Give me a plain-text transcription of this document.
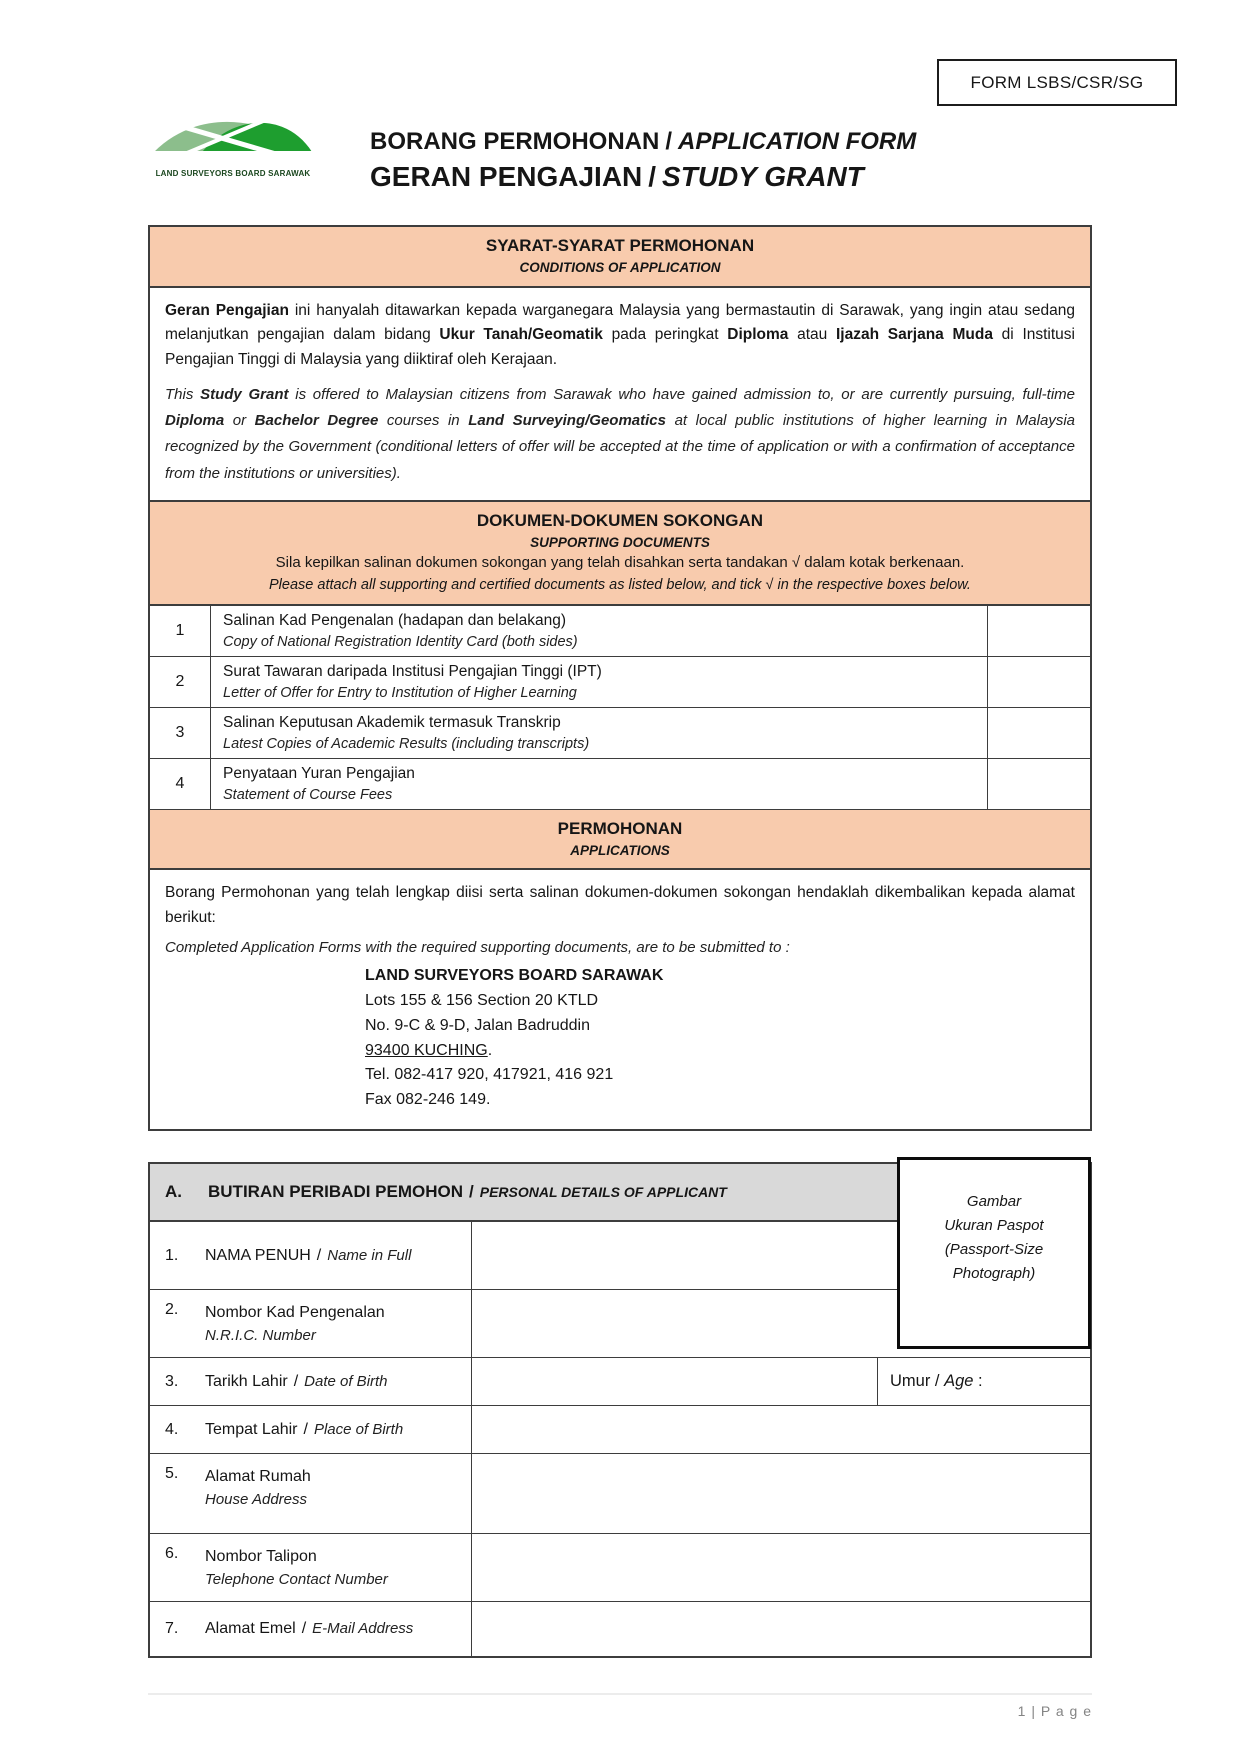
FORM LSBS/CSR/SG
LAND SURVEYORS BOARD SARAWAK
BORANG PERMOHONAN / APPLICATION FORM
GERAN PENGAJIAN / STUDY GRANT
SYARAT-SYARAT PERMOHONAN
CONDITIONS OF APPLICATION
Geran Pengajian ini hanyalah ditawarkan kepada warganegara Malaysia yang bermastautin di Sarawak, yang ingin atau sedang melanjutkan pengajian dalam bidang Ukur Tanah/Geomatik pada peringkat Diploma atau Ijazah Sarjana Muda di Institusi Pengajian Tinggi di Malaysia yang diiktiraf oleh Kerajaan.
This Study Grant is offered to Malaysian citizens from Sarawak who have gained admission to, or are currently pursuing, full-time Diploma or Bachelor Degree courses in Land Surveying/Geomatics at local public institutions of higher learning in Malaysia recognized by the Government (conditional letters of offer will be accepted at the time of application or with a confirmation of acceptance from the institutions or universities).
DOKUMEN-DOKUMEN SOKONGAN
SUPPORTING DOCUMENTS
Sila kepilkan salinan dokumen sokongan yang telah disahkan serta tandakan √ dalam kotak berkenaan.
Please attach all supporting and certified documents as listed below, and tick √ in the respective boxes below.
1
Salinan Kad Pengenalan (hadapan dan belakang)
Copy of National Registration Identity Card (both sides)
2
Surat Tawaran daripada Institusi Pengajian Tinggi (IPT)
Letter of Offer for Entry to Institution of Higher Learning
3
Salinan Keputusan Akademik termasuk Transkrip
Latest Copies of Academic Results (including transcripts)
4
Penyataan Yuran Pengajian
Statement of Course Fees
PERMOHONAN
APPLICATIONS
Borang Permohonan yang telah lengkap diisi serta salinan dokumen-dokumen sokongan hendaklah dikembalikan kepada alamat berikut:
Completed Application Forms with the required supporting documents, are to be submitted to :
LAND SURVEYORS BOARD SARAWAK
Lots 155 & 156 Section 20 KTLD
No. 9-C & 9-D, Jalan Badruddin
93400 KUCHING.
Tel. 082-417 920, 417921, 416 921
Fax 082-246 149.
Gambar
Ukuran Paspot
(Passport-Size
Photograph)
A. BUTIRAN PERIBADI PEMOHON / PERSONAL DETAILS OF APPLICANT
1.	NAMA PENUH / Name in Full
2.	Nombor Kad Pengenalan
N.R.I.C. Number
3.	Tarikh Lahir / Date of Birth	Umur / Age :
4.	Tempat Lahir / Place of Birth
5.	Alamat Rumah
House Address
6.	Nombor Talipon
Telephone Contact Number
7.	Alamat Emel / E-Mail Address
1 | P a g e
